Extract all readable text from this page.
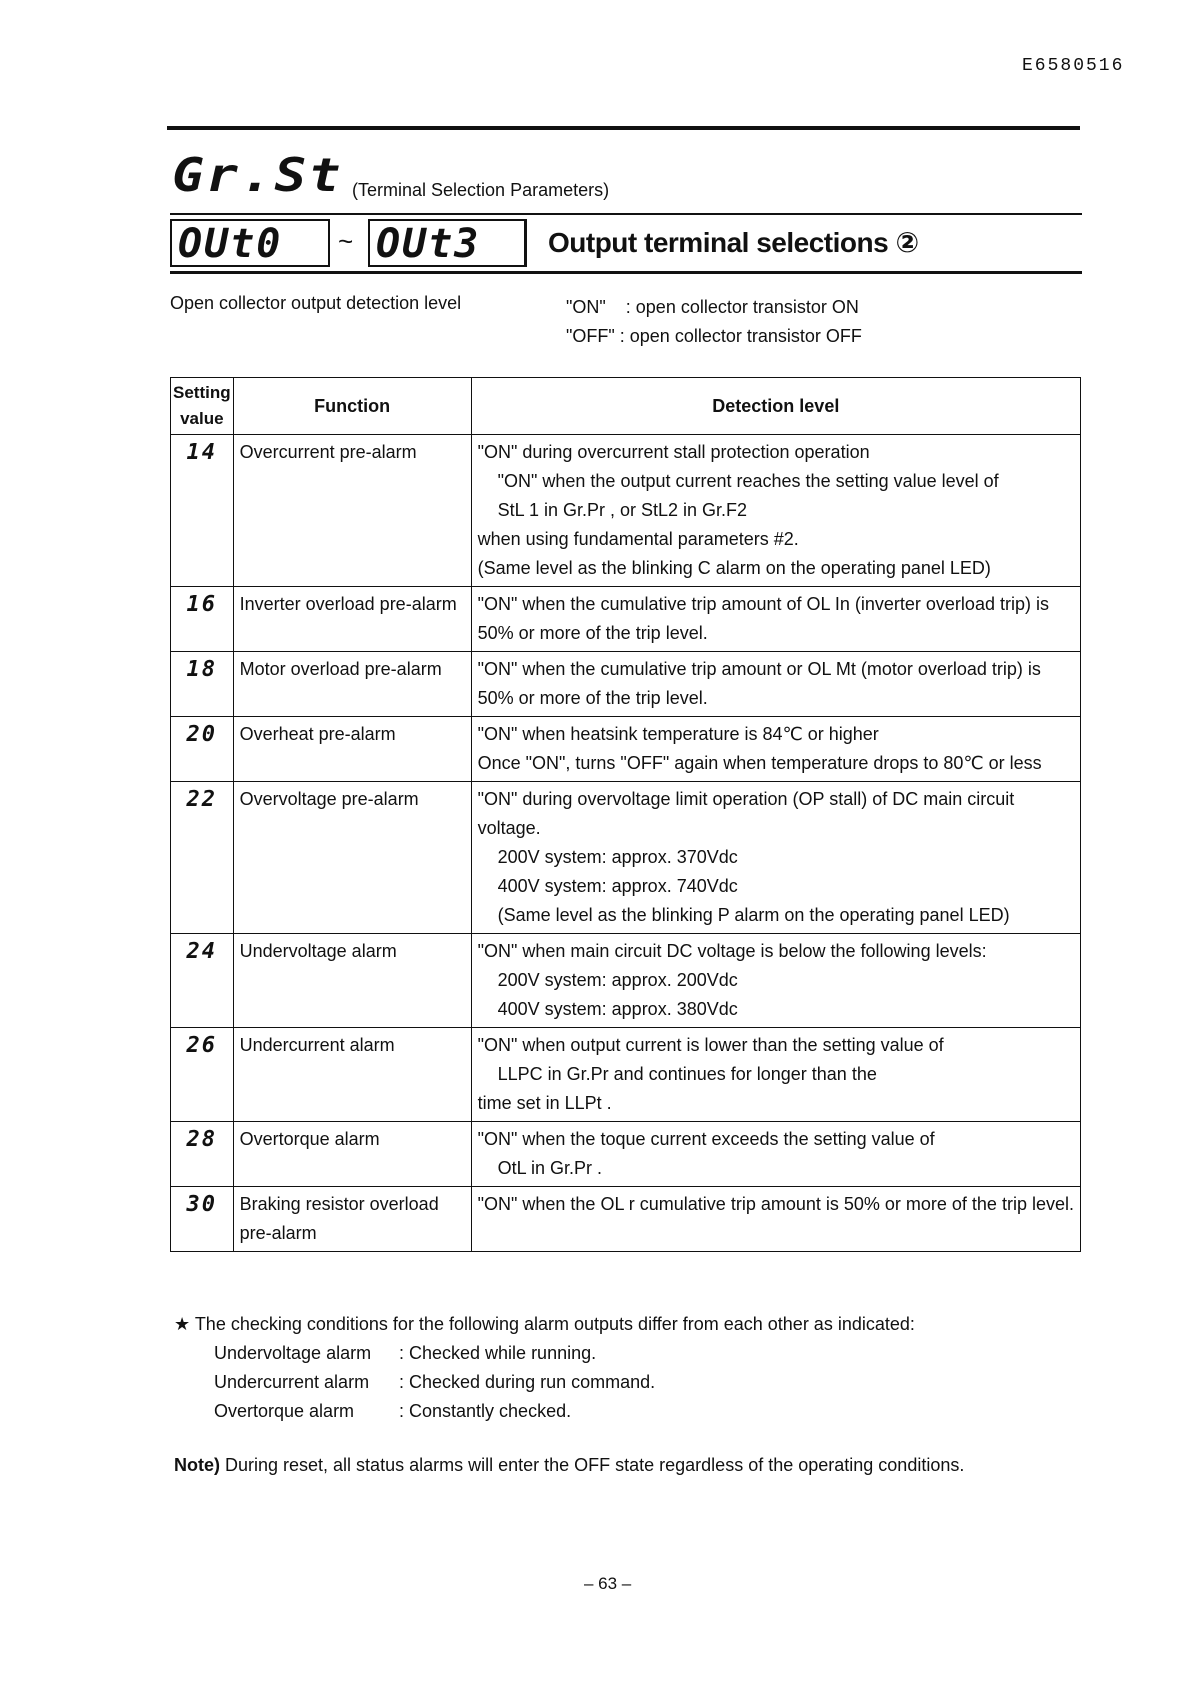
E6580516
Gr.St (Terminal Selection Parameters)
OUt0	~ OUt3	Output terminal selections ②
Open collector output detection level	"ON"    : open collector transistor ON
"OFF" : open collector transistor OFF
Setting value	Function	Detection level
14	Overcurrent pre-alarm	"ON" during overcurrent stall protection operation
"ON" when the output current reaches the setting value level of
StL 1 in Gr.Pr , or StL2 in Gr.F2
when using fundamental parameters #2.
(Same level as the blinking C alarm on the operating panel LED)

16	Inverter overload pre-alarm	"ON" when the cumulative trip amount of OL In (inverter overload trip) is 50% or more of the trip level.

18	Motor overload pre-alarm	"ON" when the cumulative trip amount or OL Mt (motor overload trip) is 50% or more of the trip level.

20	Overheat pre-alarm	"ON" when heatsink temperature is 84℃ or higher
Once "ON", turns "OFF" again when temperature drops to 80℃ or less

22	Overvoltage pre-alarm	"ON" during overvoltage limit operation (OP stall) of DC main circuit voltage.
200V system: approx. 370Vdc
400V system: approx. 740Vdc
(Same level as the blinking P alarm on the operating panel LED)

24	Undervoltage alarm	"ON" when main circuit DC voltage is below the following levels:
200V system: approx. 200Vdc
400V system: approx. 380Vdc

26	Undercurrent alarm	"ON" when output current is lower than the setting value of
LLPC in Gr.Pr and continues for longer than the
time set in LLPt .

28	Overtorque alarm	"ON" when the toque current exceeds the setting value of
OtL in Gr.Pr .

30	Braking resistor overload pre-alarm	"ON" when the OL r cumulative trip amount is 50% or more of the trip level.
★ The checking conditions for the following alarm outputs differ from each other as indicated:
Undervoltage alarm : Checked while running.
Undercurrent alarm : Checked during run command.
Overtorque alarm : Constantly checked.
Note) During reset, all status alarms will enter the OFF state regardless of the operating conditions.
– 63 –
